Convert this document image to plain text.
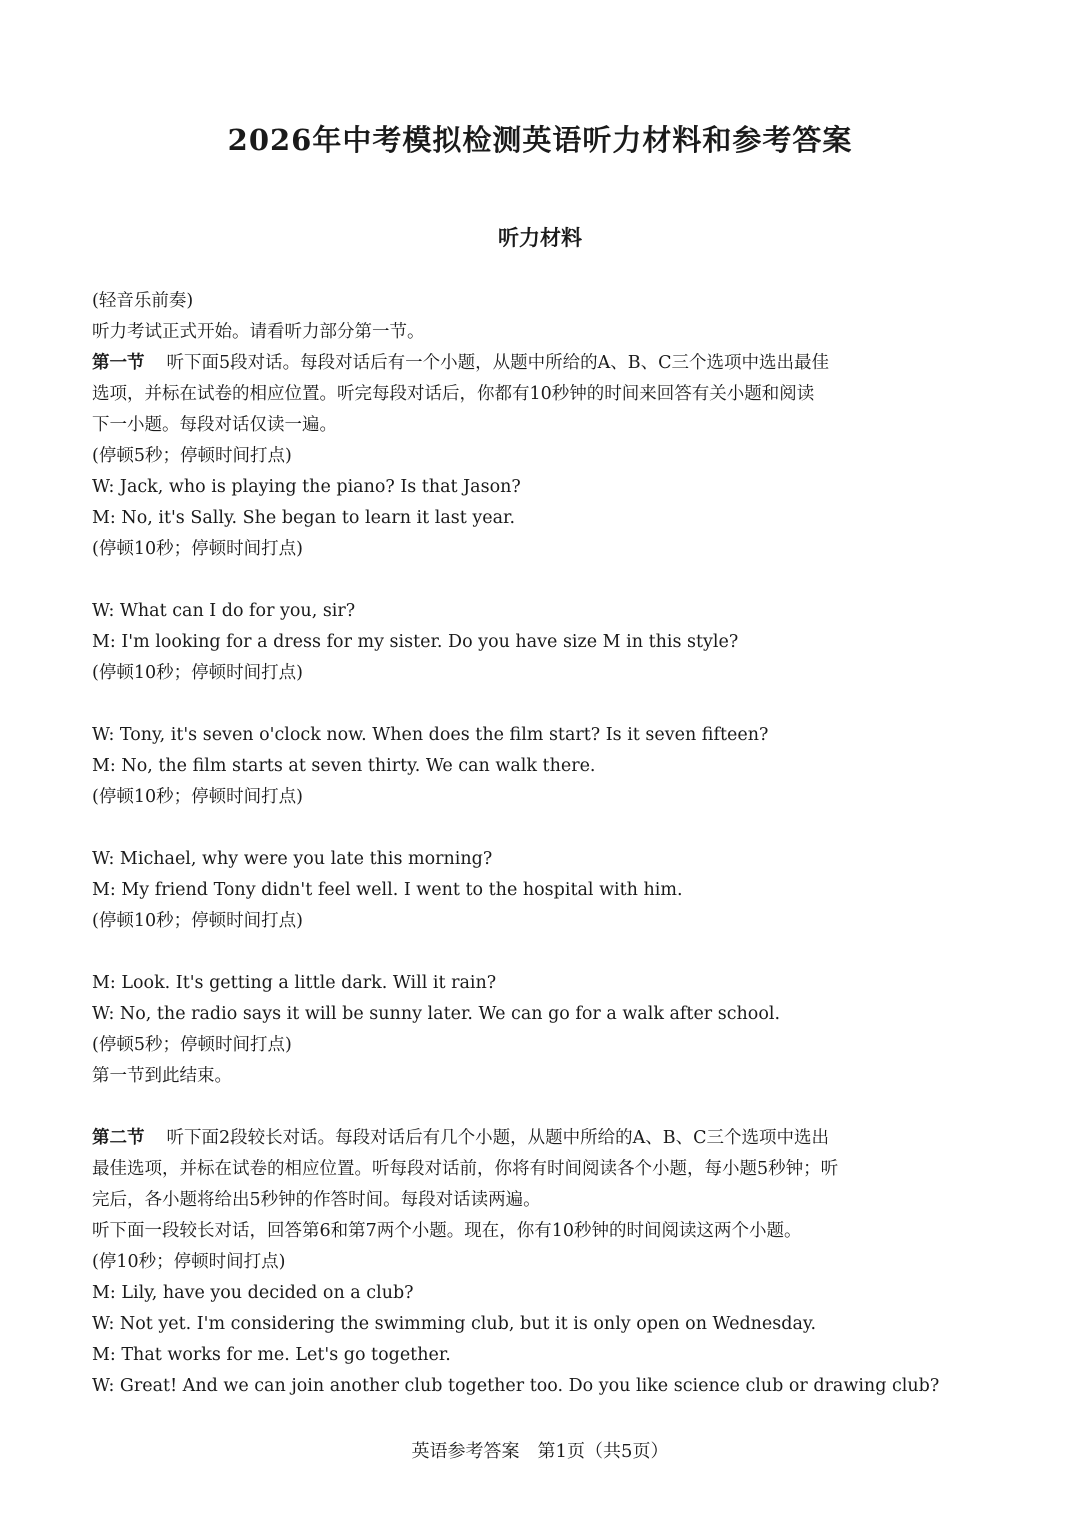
2026年中考模拟检测英语听力材料和参考答案
听力材料
(轻音乐前奏)
听力考试正式开始。请看听力部分第一节。
第一节 听下面5段对话。每段对话后有一个小题，从题中所给的A、B、C三个选项中选出最佳
选项，并标在试卷的相应位置。听完每段对话后，你都有10秒钟的时间来回答有关小题和阅读
下一小题。每段对话仅读一遍。
(停顿5秒；停顿时间打点)
W: Jack, who is playing the piano? Is that Jason?
M: No, it's Sally. She began to learn it last year.
(停顿10秒；停顿时间打点)
W: What can I do for you, sir?
M: I'm looking for a dress for my sister. Do you have size M in this style?
(停顿10秒；停顿时间打点)
W: Tony, it's seven o'clock now. When does the film start? Is it seven fifteen?
M: No, the film starts at seven thirty. We can walk there.
(停顿10秒；停顿时间打点)
W: Michael, why were you late this morning?
M: My friend Tony didn't feel well. I went to the hospital with him.
(停顿10秒；停顿时间打点)
M: Look. It's getting a little dark. Will it rain?
W: No, the radio says it will be sunny later. We can go for a walk after school.
(停顿5秒；停顿时间打点)
第一节到此结束。
第二节 听下面2段较长对话。每段对话后有几个小题，从题中所给的A、B、C三个选项中选出
最佳选项，并标在试卷的相应位置。听每段对话前，你将有时间阅读各个小题，每小题5秒钟；听
完后，各小题将给出5秒钟的作答时间。每段对话读两遍。
听下面一段较长对话，回答第6和第7两个小题。现在，你有10秒钟的时间阅读这两个小题。
(停10秒；停顿时间打点)
M: Lily, have you decided on a club?
W: Not yet. I'm considering the swimming club, but it is only open on Wednesday.
M: That works for me. Let's go together.
W: Great! And we can join another club together too. Do you like science club or drawing club?
英语参考答案　第1页（共5页）
